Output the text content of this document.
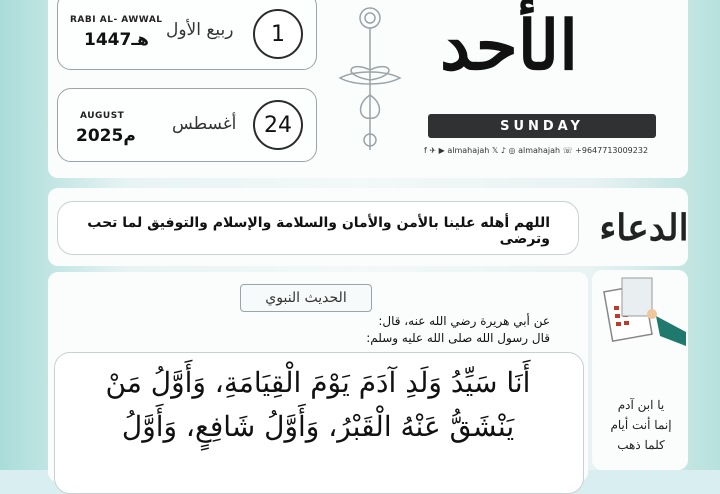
RABI AL- AWWAL
1447هـ ربيع الأول	1
AUGUST
2025م
أغسطس	24
الأحد
SUNDAY
f ✈ ▶ almahajah 𝕏 ♪ ◎ almahajah ☏ +9647713009232
اللهم أهله علينا بالأمن والأمان والسلامة والإسلام والتوفيق لما تحب وترضى الدعاء
الحديث النبوي
عن أبي هريرة رضي الله عنه، قال:
قال رسول الله صلى الله عليه وسلم:
أَنَا سَيِّدُ وَلَدِ آدَمَ يَوْمَ الْقِيَامَةِ، وَأَوَّلُ مَنْ
يَنْشَقُّ عَنْهُ الْقَبْرُ، وَأَوَّلُ شَافِعٍ، وَأَوَّلُ
يا ابن آدم
إنما أنت أيام
كلما ذهب
